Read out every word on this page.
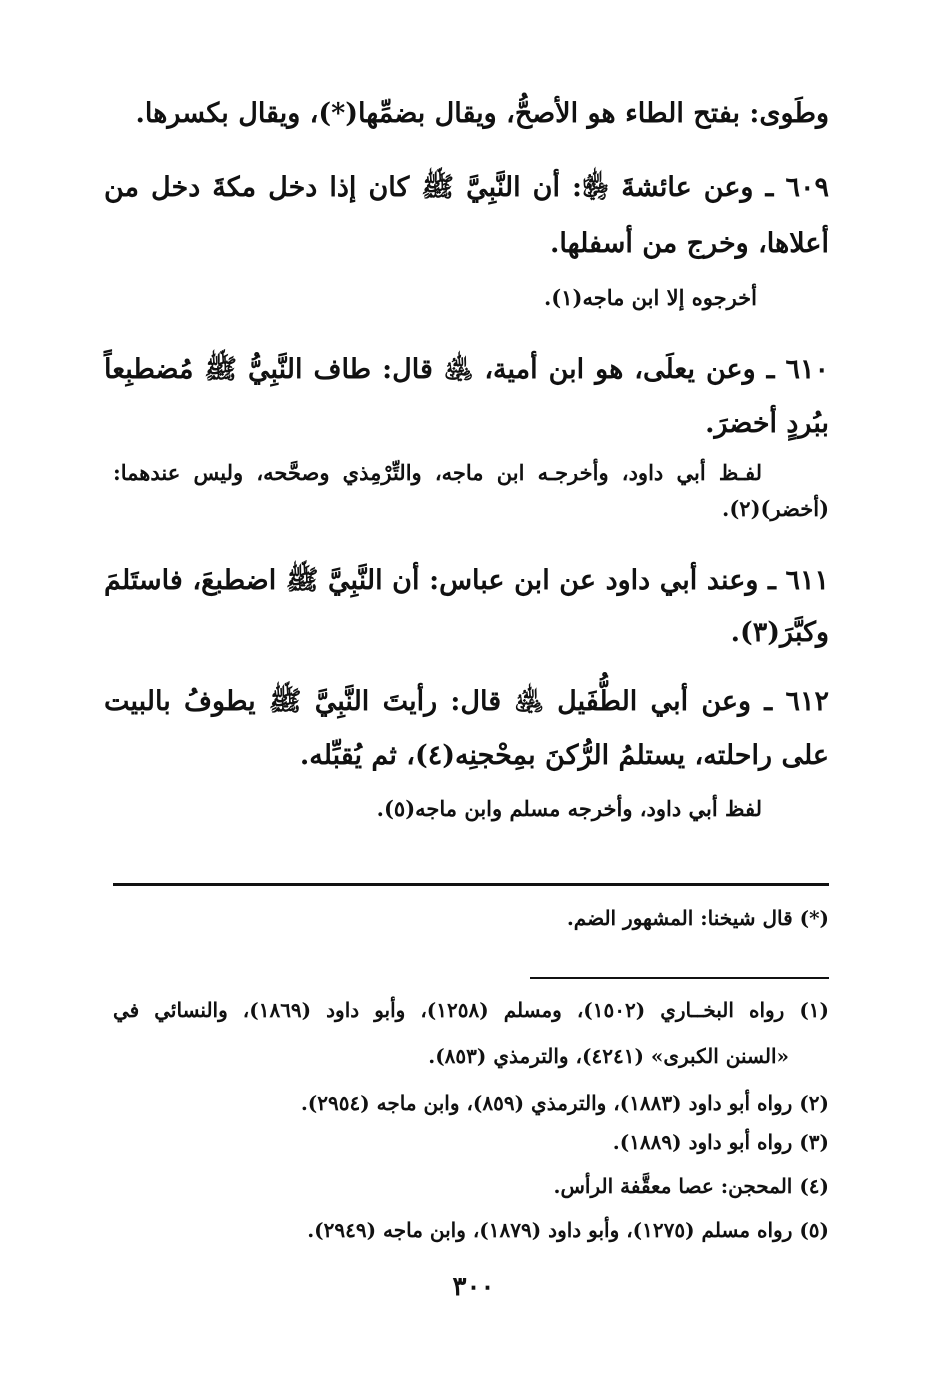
وطَوى: بفتح الطاء هو الأصحُّ، ويقال بضمِّها(*)، ويقال بكسرها.
٦٠٩ ـ وعن عائشةَ ﵂: أن النَّبِيَّ ﷺ كان إذا دخل مكةَ دخل من
أعلاها، وخرج من أسفلها.
أخرجوه إلا ابن ماجه(١).
٦١٠ ـ وعن يعلَى، هو ابن أمية، ﵁ قال: طاف النَّبِيُّ ﷺ مُضطبِعاً
ببُردٍ أخضرَ.
لفـظ أبي داود، وأخرجـه ابن ماجه، والتِّرْمِذي وصحَّحه، وليس عندهما:
(أخضر)(٢).
٦١١ ـ وعند أبي داود عن ابن عباس: أن النَّبِيَّ ﷺ اضطبعَ، فاستَلمَ
وكبَّرَ(٣).
٦١٢ ـ وعن أبي الطُّفَيل ﵁ قال: رأيتَ النَّبِيَّ ﷺ يطوفُ بالبيت
على راحلته، يستلمُ الرُّكنَ بمِحْجنِه(٤)، ثم يُقبِّله.
لفظ أبي داود، وأخرجه مسلم وابن ماجه(٥).
(*) قال شيخنا: المشهور الضم.
(١) رواه البخــاري (١٥٠٢)، ومسلم (١٢٥٨)، وأبو داود (١٨٦٩)، والنسائي في
«السنن الكبرى» (٤٢٤١)، والترمذي (٨٥٣).
(٢) رواه أبو داود (١٨٨٣)، والترمذي (٨٥٩)، وابن ماجه (٢٩٥٤).
(٣) رواه أبو داود (١٨٨٩).
(٤) المحجن: عصا معقَّفة الرأس.
(٥) رواه مسلم (١٢٧٥)، وأبو داود (١٨٧٩)، وابن ماجه (٢٩٤٩).
٣٠٠
